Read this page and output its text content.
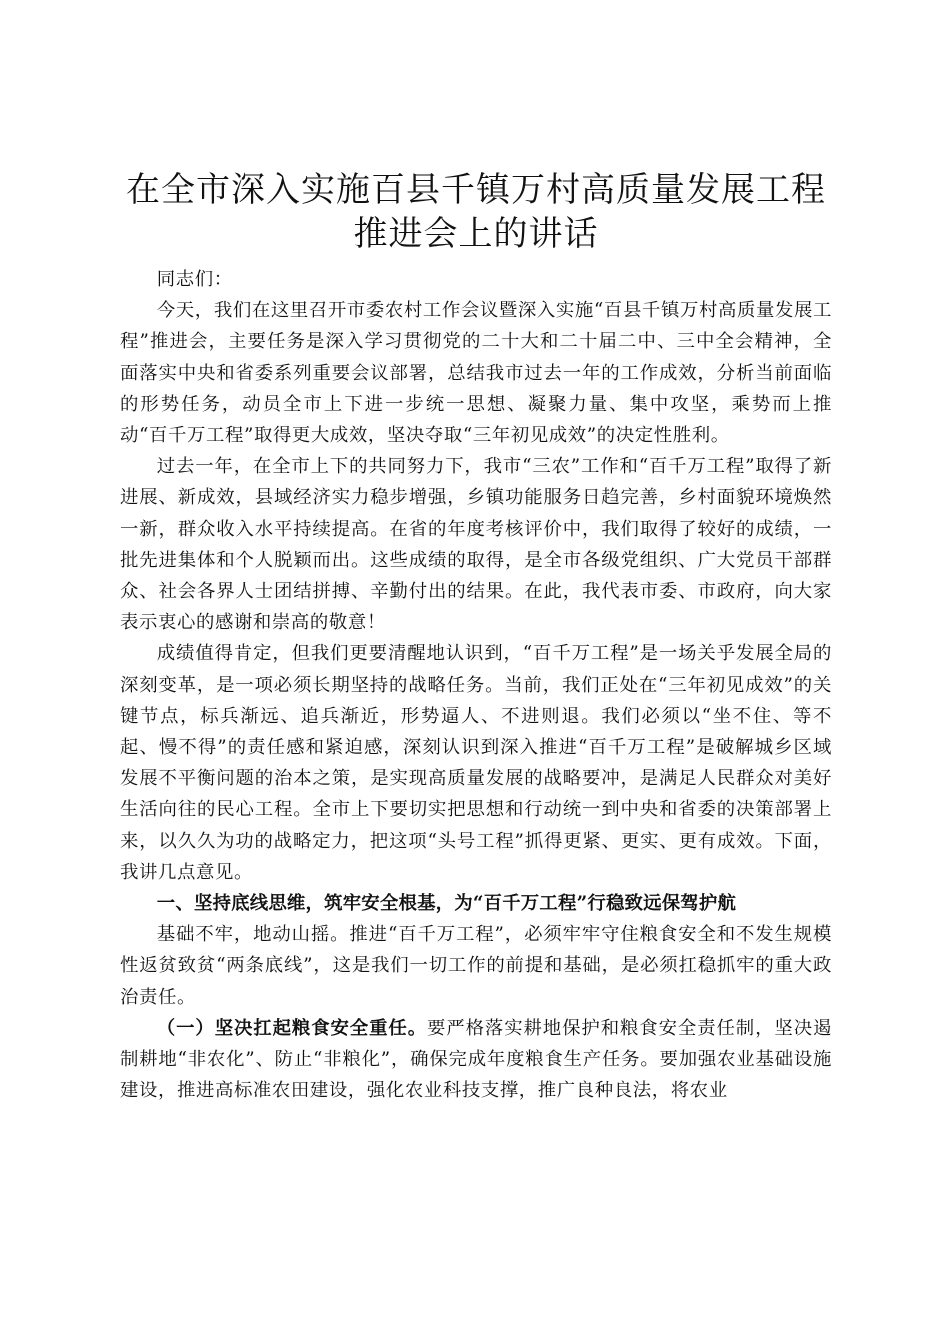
在全市深入实施百县千镇万村高质量发展工程
推进会上的讲话

同志们：

今天，我们在这里召开市委农村工作会议暨深入实施“百县千镇万村高质量发展工程”推进会，主要任务是深入学习贯彻党的二十大和二十届二中、三中全会精神，全面落实中央和省委系列重要会议部署，总结我市过去一年的工作成效，分析当前面临的形势任务，动员全市上下进一步统一思想、凝聚力量、集中攻坚，乘势而上推动“百千万工程”取得更大成效，坚决夺取“三年初见成效”的决定性胜利。

过去一年，在全市上下的共同努力下，我市“三农”工作和“百千万工程”取得了新进展、新成效，县域经济实力稳步增强，乡镇功能服务日趋完善，乡村面貌环境焕然一新，群众收入水平持续提高。在省的年度考核评价中，我们取得了较好的成绩，一批先进集体和个人脱颖而出。这些成绩的取得，是全市各级党组织、广大党员干部群众、社会各界人士团结拼搏、辛勤付出的结果。在此，我代表市委、市政府，向大家表示衷心的感谢和崇高的敬意！

成绩值得肯定，但我们更要清醒地认识到，“百千万工程”是一场关乎发展全局的深刻变革，是一项必须长期坚持的战略任务。当前，我们正处在“三年初见成效”的关键节点，标兵渐远、追兵渐近，形势逼人、不进则退。我们必须以“坐不住、等不起、慢不得”的责任感和紧迫感，深刻认识到深入推进“百千万工程”是破解城乡区域发展不平衡问题的治本之策，是实现高质量发展的战略要冲，是满足人民群众对美好生活向往的民心工程。全市上下要切实把思想和行动统一到中央和省委的决策部署上来，以久久为功的战略定力，把这项“头号工程”抓得更紧、更实、更有成效。下面，我讲几点意见。

一、坚持底线思维，筑牢安全根基，为“百千万工程”行稳致远保驾护航

基础不牢，地动山摇。推进“百千万工程”，必须牢牢守住粮食安全和不发生规模性返贫致贫“两条底线”，这是我们一切工作的前提和基础，是必须扛稳抓牢的重大政治责任。

（一）坚决扛起粮食安全重任。要严格落实耕地保护和粮食安全责任制，坚决遏制耕地“非农化”、防止“非粮化”，确保完成年度粮食生产任务。要加强农业基础设施建设，推进高标准农田建设，强化农业科技支撑，推广良种良法，将农业
